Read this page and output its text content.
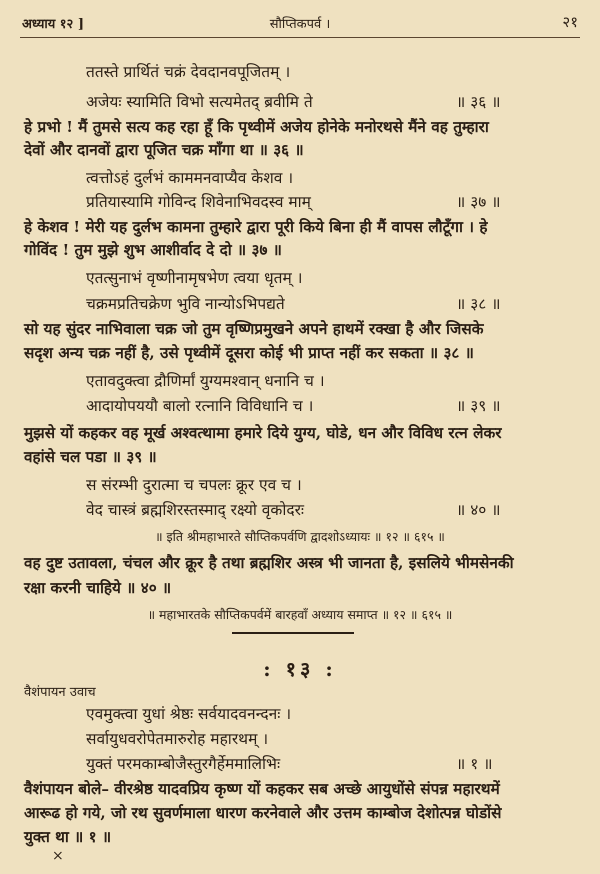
अध्याय १२ ]	सौप्तिकपर्व ।	२१
ततस्ते प्रार्थितं चक्रं देवदानवपूजितम् ।
अजेयः स्यामिति विभो सत्यमेतद् ब्रवीमि ते	॥ ३६ ॥
हे प्रभो ! मैं तुमसे सत्य कह रहा हूँ कि पृथ्वीमें अजेय होनेके मनोरथसे मैंने वह तुम्हारा
देवों और दानवों द्वारा पूजित चक्र माँगा था ॥ ३६ ॥
त्वत्तोऽहं दुर्लभं काममनवाप्यैव केशव ।
प्रतियास्यामि गोविन्द शिवेनाभिवदस्व माम्	॥ ३७ ॥
हे केशव ! मेरी यह दुर्लभ कामना तुम्हारे द्वारा पूरी किये बिना ही मैं वापस लौटूँगा । हे
गोविंद ! तुम मुझे शुभ आशीर्वाद दे दो ॥ ३७ ॥
एतत्सुनाभं वृष्णीनामृषभेण त्वया धृतम् ।
चक्रमप्रतिचक्रेण भुवि नान्योऽभिपद्यते	॥ ३८ ॥
सो यह सुंदर नाभिवाला चक्र जो तुम वृष्णिप्रमुखने अपने हाथमें रक्खा है और जिसके
सदृश अन्य चक्र नहीं है, उसे पृथ्वीमें दूसरा कोई भी प्राप्त नहीं कर सकता ॥ ३८ ॥
एतावदुक्त्वा द्रौणिर्मां युग्यमश्वान् धनानि च ।
आदायोपययौ बालो रत्नानि विविधानि च ।	॥ ३९ ॥
मुझसे यों कहकर वह मूर्ख अश्वत्थामा हमारे दिये युग्य, घोडे, धन और विविध रत्न लेकर
वहांसे चल पडा ॥ ३९ ॥
स संरम्भी दुरात्मा च चपलः क्रूर एव च ।
वेद चास्त्रं ब्रह्मशिरस्तस्माद् रक्ष्यो वृकोदरः	॥ ४० ॥
॥ इति श्रीमहाभारते सौप्तिकपर्वणि द्वादशोऽध्यायः ॥ १२ ॥ ६१५ ॥
वह दुष्ट उतावला, चंचल और क्रूर है तथा ब्रह्मशिर अस्त्र भी जानता है, इसलिये भीमसेनकी
रक्षा करनी चाहिये ॥ ४० ॥
॥ महाभारतके सौप्तिकपर्वमें बारहवाँ अध्याय समाप्त ॥ १२ ॥ ६१५ ॥
: १३ :
वैशंपायन उवाच
एवमुक्त्वा युधां श्रेष्ठः सर्वयादवनन्दनः ।
सर्वायुधवरोपेतमारुरोह महारथम् ।
युक्तं परमकाम्बोजैस्तुरगैर्हेममालिभिः	॥ १ ॥
वैशंपायन बोले– वीरश्रेष्ठ यादवप्रिय कृष्ण यों कहकर सब अच्छे आयुधोंसे संपन्न महारथमें
आरूढ हो गये, जो रथ सुवर्णमाला धारण करनेवाले और उत्तम काम्बोज देशोत्पन्न घोडोंसे
युक्त था ॥ १ ॥
×
